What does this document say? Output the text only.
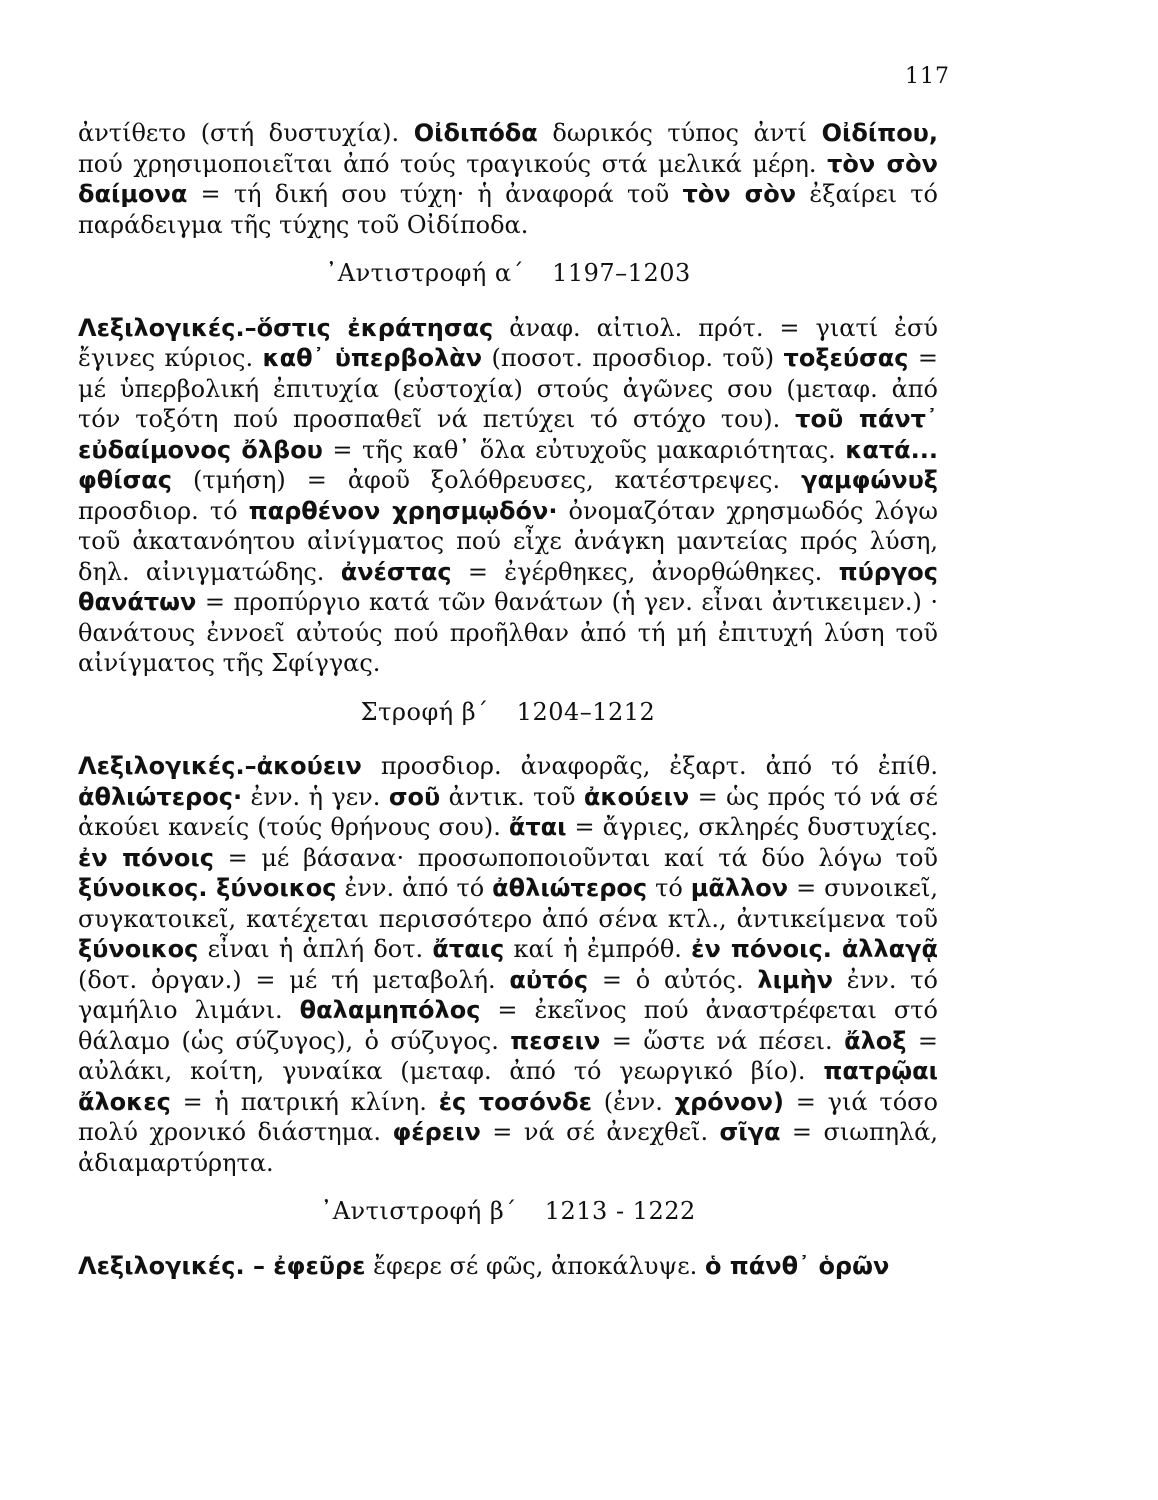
117

ἀντίθετο (στή δυστυχία). Οἰδιπόδα δωρικός τύπος ἀντί Οἰδίπου, πού χρησιμοποιεῖται ἀπό τούς τραγικούς στά μελικά μέρη. τὸν σὸν δαίμονα = τή δική σου τύχη· ἡ ἀναφορά τοῦ τὸν σὸν ἐξαίρει τό παράδειγμα τῆς τύχης τοῦ Οἰδίποδα.

᾽Αντιστροφή α΄ 1197–1203

Λεξιλογικές.–ὅστις ἐκράτησας ἀναφ. αἰτιολ. πρότ. = γιατί ἐσύ ἔγινες κύριος. καθ᾽ ὑπερβολὰν (ποσοτ. προσδιορ. τοῦ) τοξεύσας = μέ ὑπερβολική ἐπιτυχία (εὐστοχία) στούς ἀγῶνες σου (μεταφ. ἀπό τόν τοξότη πού προσπαθεῖ νά πετύχει τό στόχο του). τοῦ πάντ᾽ εὐδαίμονος ὄλβου = τῆς καθ᾽ ὅλα εὐτυχοῦς μακαριότητας. κατά... φθίσας (τμήση) = ἀφοῦ ξολόθρευσες, κατέστρεψες. γαμφώνυξ προσδιορ. τό παρθένον χρησμῳδόν· ὀνομαζόταν χρησμωδός λόγω τοῦ ἀκατανόητου αἰνίγματος πού εἶχε ἀνάγκη μαντείας πρός λύση, δηλ. αἰνιγματώδης. ἀνέστας = ἐγέρθηκες, ἀνορθώθηκες. πύργος θανάτων = προπύργιο κατά τῶν θανάτων (ἡ γεν. εἶναι ἀντικειμεν.) · θανάτους ἐννοεῖ αὐτούς πού προῆλθαν ἀπό τή μή ἐπιτυχή λύση τοῦ αἰνίγματος τῆς Σφίγγας.

Στροφή β΄ 1204–1212

Λεξιλογικές.–ἀκούειν προσδιορ. ἀναφορᾶς, ἐξαρτ. ἀπό τό ἐπίθ. ἀθλιώτερος· ἐνν. ἡ γεν. σοῦ ἀντικ. τοῦ ἀκούειν = ὡς πρός τό νά σέ ἀκούει κανείς (τούς θρήνους σου). ἄται = ἄγριες, σκληρές δυστυχίες. ἐν πόνοις = μέ βάσανα· προσωποποιοῦνται καί τά δύο λόγω τοῦ ξύνοικος. ξύνοικος ἐνν. ἀπό τό ἀθλιώτερος τό μᾶλλον = συνοικεῖ, συγκατοικεῖ, κατέχεται περισσότερο ἀπό σένα κτλ., ἀντικείμενα τοῦ ξύνοικος εἶναι ἡ ἁπλή δοτ. ἄταις καί ἡ ἐμπρόθ. ἐν πόνοις. ἀλλαγᾷ (δοτ. ὀργαν.) = μέ τή μεταβολή. αὐτός = ὁ αὐτός. λιμὴν ἐνν. τό γαμήλιο λιμάνι. θαλαμηπόλος = ἐκεῖνος πού ἀναστρέφεται στό θάλαμο (ὡς σύζυγος), ὁ σύζυγος. πεσειν = ὥστε νά πέσει. ἄλοξ = αὐλάκι, κοίτη, γυναίκα (μεταφ. ἀπό τό γεωργικό βίο). πατρῷαι ἄλοκες = ἡ πατρική κλίνη. ἐς τοσόνδε (ἐνν. χρόνον) = γιά τόσο πολύ χρονικό διάστημα. φέρειν = νά σέ ἀνεχθεῖ. σῖγα = σιωπηλά, ἀδιαμαρτύρητα.

᾽Αντιστροφή β΄ 1213 - 1222

Λεξιλογικές. – ἐφεῦρε ἔφερε σέ φῶς, ἀποκάλυψε. ὁ πάνθ᾽ ὁρῶν
